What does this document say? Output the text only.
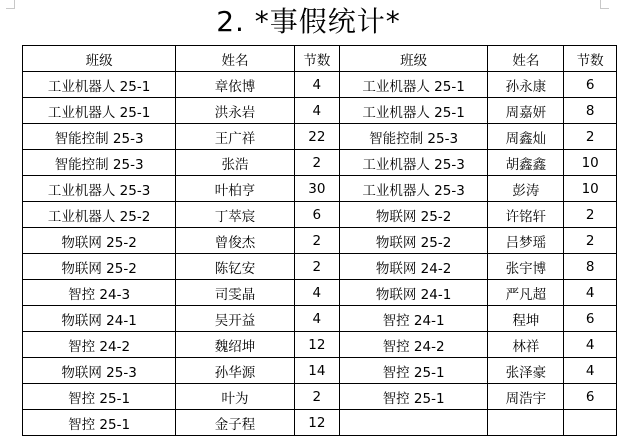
2. *事假统计*
班级	姓名	节数	班级	姓名	节数
工业机器人 25-1	章依博	4	工业机器人 25-1	孙永康	6
工业机器人 25-1	洪永岩	4	工业机器人 25-1	周嘉妍	8
智能控制 25-3	王广祥	22	智能控制 25-3	周鑫灿	2
智能控制 25-3	张浩	2	工业机器人 25-3	胡鑫鑫	10
工业机器人 25-3	叶柏亨	30	工业机器人 25-3	彭涛	10
工业机器人 25-2	丁萃宸	6	物联网 25-2	许铭轩	2
物联网 25-2	曾俊杰	2	物联网 25-2	吕梦瑶	2
物联网 25-2	陈钇安	2	物联网 24-2	张宇博	8
智控 24-3	司雯晶	4	物联网 24-1	严凡超	4
物联网 24-1	吴开益	4	智控 24-1	程坤	6
智控 24-2	魏绍坤	12	智控 24-2	林祥	4
物联网 25-3	孙华源	14	智控 25-1	张泽豪	4
智控 25-1	叶为	2	智控 25-1	周浩宇	6
智控 25-1	金子程	12			
